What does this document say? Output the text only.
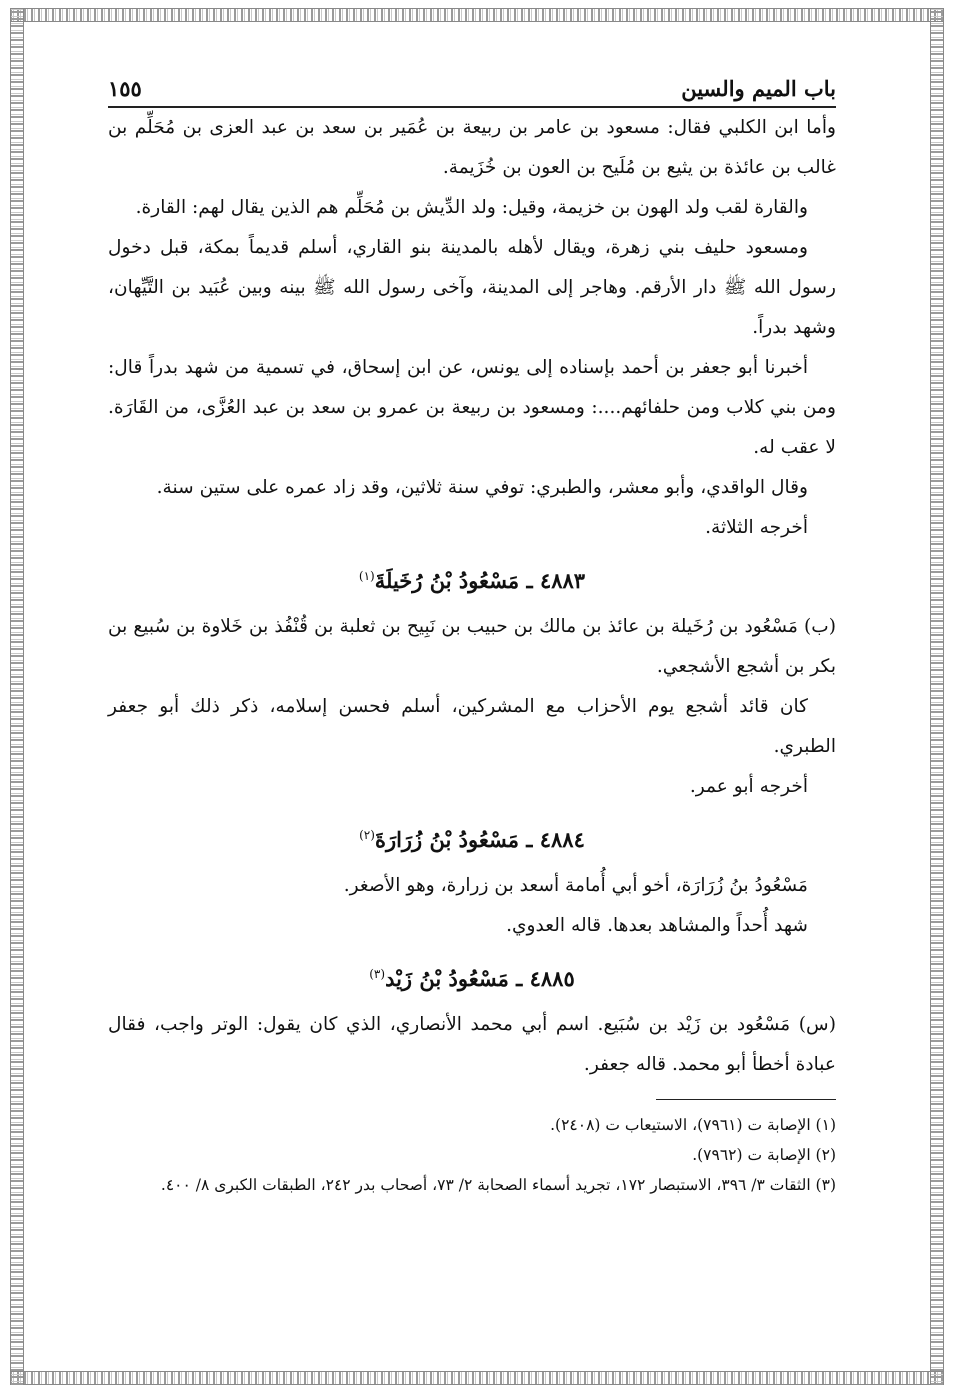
باب الميم والسين
١٥٥

وأما ابن الكلبي فقال: مسعود بن عامر بن ربيعة بن عُمَير بن سعد بن عبد العزى بن مُحَلِّم بن غالب بن عائذة بن يثيع بن مُلَيح بن العون بن خُزَيمة.

والقارة لقب ولد الهون بن خزيمة، وقيل: ولد الدِّيش بن مُحَلِّم هم الذين يقال لهم: القارة.

ومسعود حليف بني زهرة، ويقال لأهله بالمدينة بنو القاري، أسلم قديماً بمكة، قبل دخول رسول الله ﷺ دار الأرقم. وهاجر إلى المدينة، وآخى رسول الله ﷺ بينه وبين عُبَيد بن التَّيِّهان، وشهد بدراً.

أخبرنا أبو جعفر بن أحمد بإسناده إلى يونس، عن ابن إسحاق، في تسمية من شهد بدراً قال: ومن بني كلاب ومن حلفائهم....: ومسعود بن ربيعة بن عمرو بن سعد بن عبد العُزَّى، من القَارَة. لا عقب له.

وقال الواقدي، وأبو معشر، والطبري: توفي سنة ثلاثين، وقد زاد عمره على ستين سنة.

أخرجه الثلاثة.

٤٨٨٣ ـ مَسْعُودُ بْنُ رُخَيلَةَ$^{(١)}$

(ب) مَسْعُود بن رُخَيلة بن عائذ بن مالك بن حبيب بن نَبِيح بن ثعلبة بن قُنْفُذ بن خَلاوة بن سُبيع بن بكر بن أشجع الأشجعي.

كان قائد أشجع يوم الأحزاب مع المشركين، أسلم فحسن إسلامه، ذكر ذلك أبو جعفر الطبري.

أخرجه أبو عمر.

٤٨٨٤ ـ مَسْعُودُ بْنُ زُرَارَةَ$^{(٢)}$

مَسْعُودُ بنُ زُرَارَة، أخو أبي أُمامة أسعد بن زرارة، وهو الأصغر.

شهد أُحداً والمشاهد بعدها. قاله العدوي.

٤٨٨٥ ـ مَسْعُودُ بْنُ زَيْد$^{(٣)}$

(س) مَسْعُود بن زَيْد بن سُبَيع. اسم أبي محمد الأنصاري، الذي كان يقول: الوتر واجب، فقال عبادة أخطأ أبو محمد. قاله جعفر.

(١) الإصابة ت (٧٩٦١)، الاستيعاب ت (٢٤٠٨).
(٢) الإصابة ت (٧٩٦٢).
(٣) الثقات ٣/ ٣٩٦، الاستبصار ١٧٢، تجريد أسماء الصحابة ٢/ ٧٣، أصحاب بدر ٢٤٢، الطبقات الكبرى ٨/ ٤٠٠.
